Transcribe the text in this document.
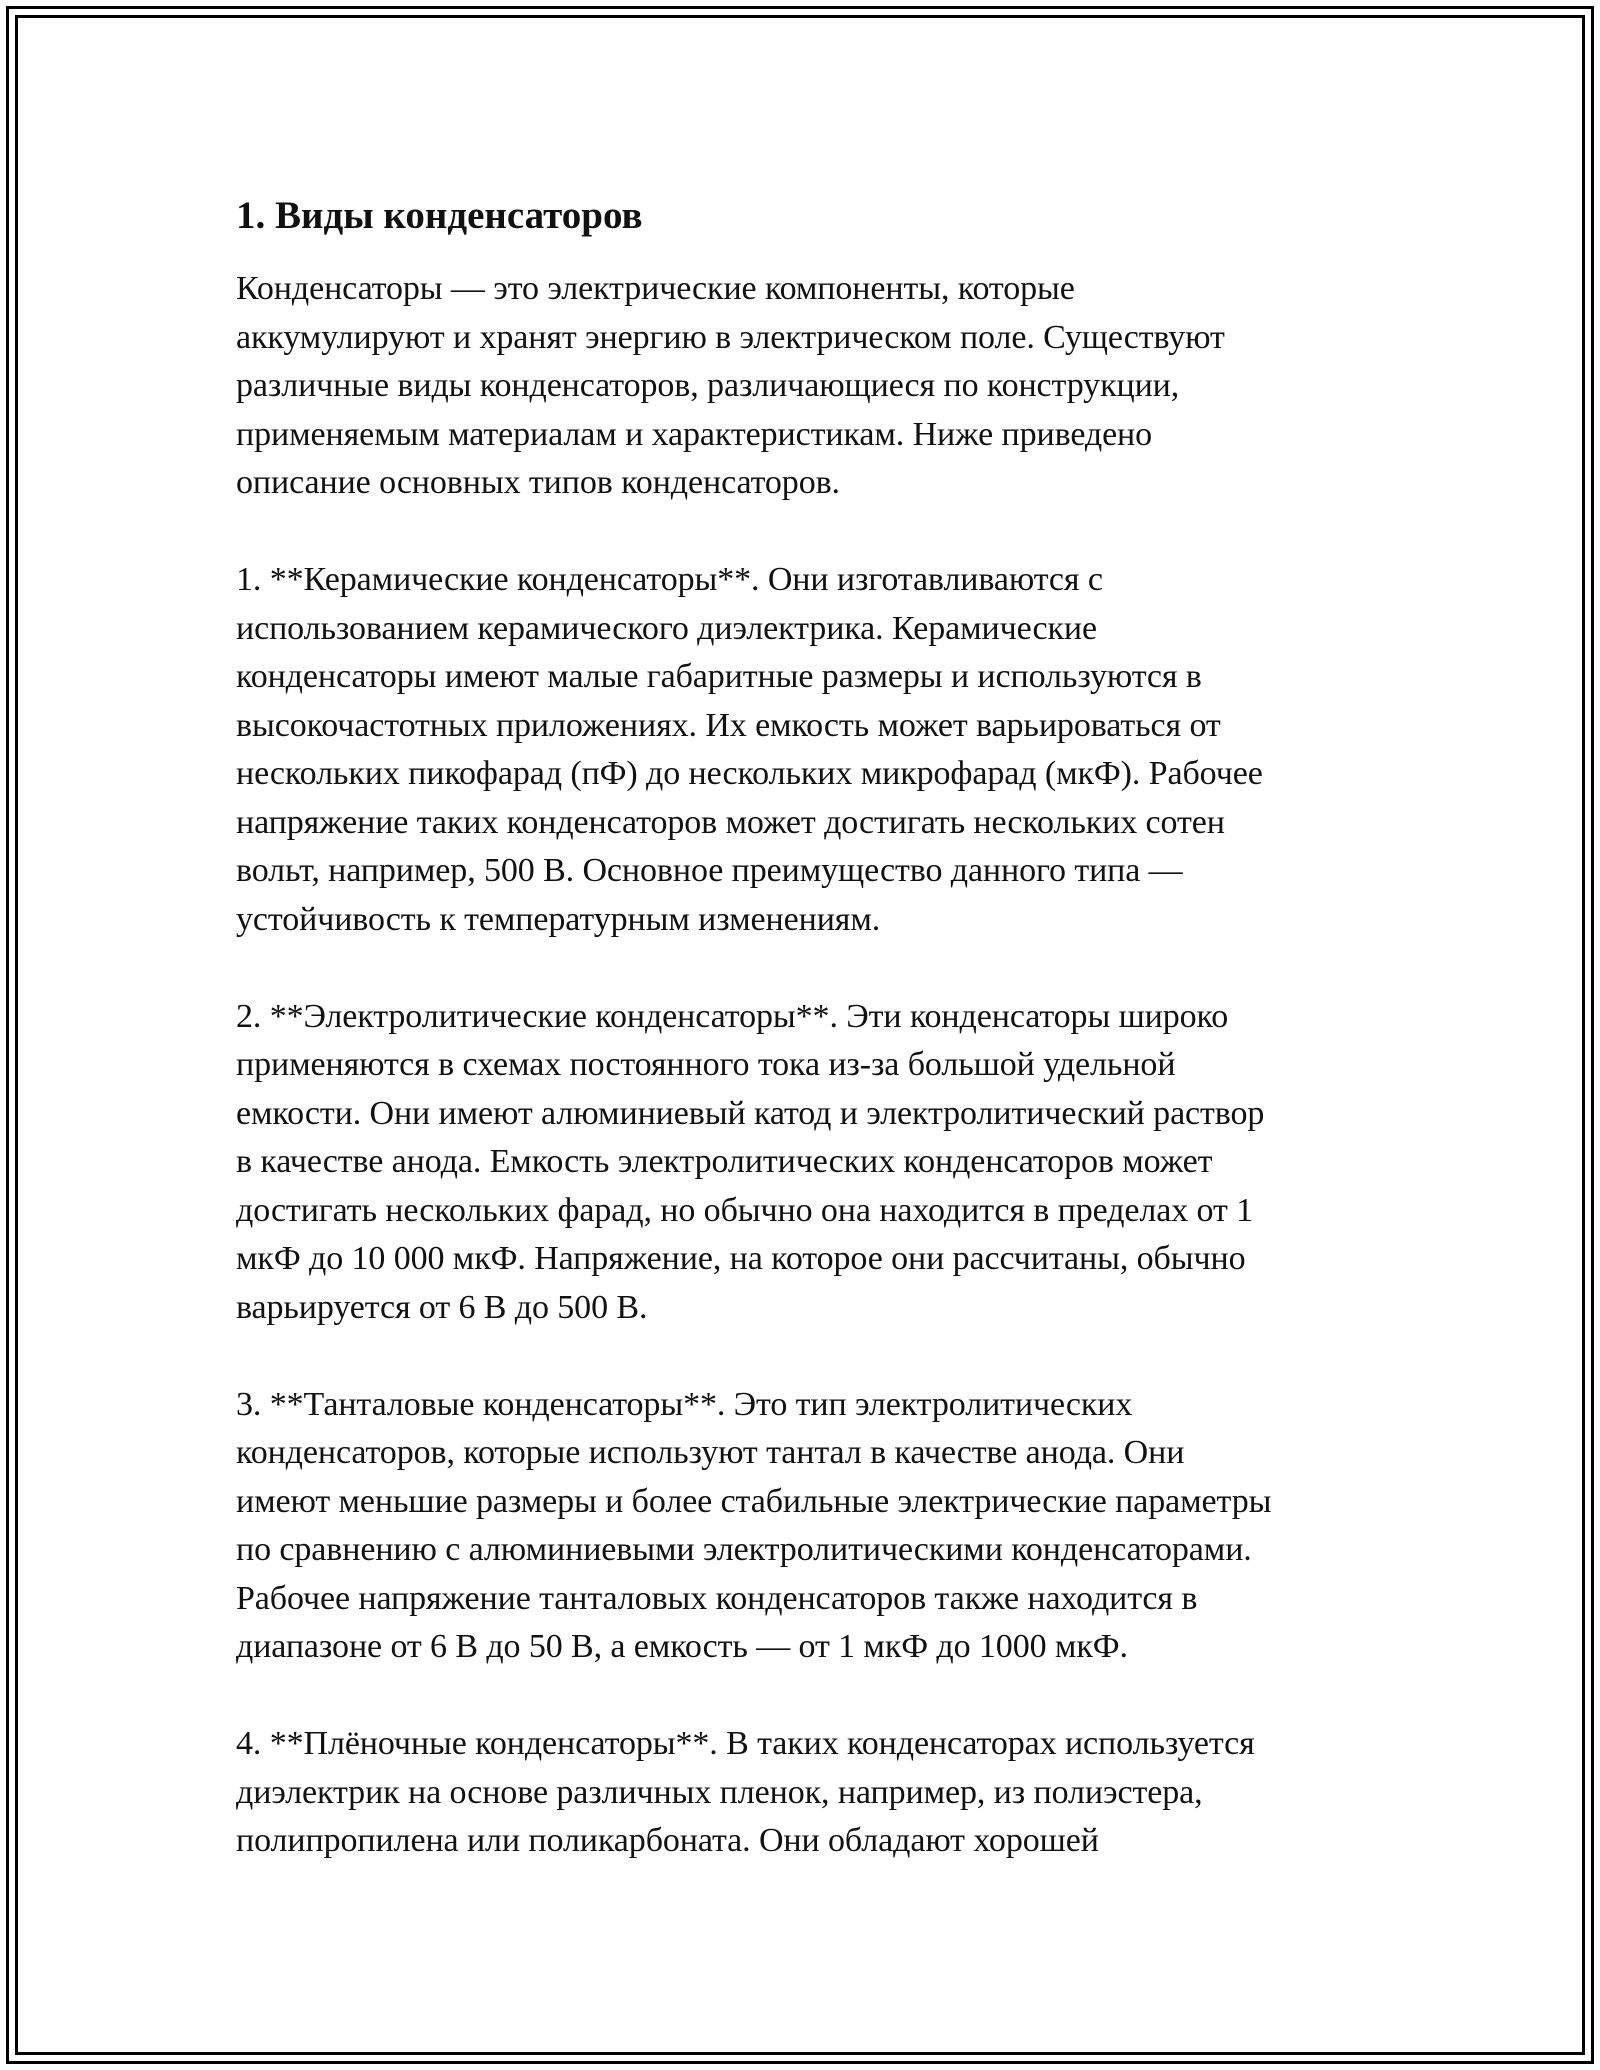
1. Виды конденсаторов

Конденсаторы — это электрические компоненты, которые
аккумулируют и хранят энергию в электрическом поле. Существуют
различные виды конденсаторов, различающиеся по конструкции,
применяемым материалам и характеристикам. Ниже приведено
описание основных типов конденсаторов.

1. **Керамические конденсаторы**. Они изготавливаются с
использованием керамического диэлектрика. Керамические
конденсаторы имеют малые габаритные размеры и используются в
высокочастотных приложениях. Их емкость может варьироваться от
нескольких пикофарад (пФ) до нескольких микрофарад (мкФ). Рабочее
напряжение таких конденсаторов может достигать нескольких сотен
вольт, например, 500 В. Основное преимущество данного типа —
устойчивость к температурным изменениям.

2. **Электролитические конденсаторы**. Эти конденсаторы широко
применяются в схемах постоянного тока из-за большой удельной
емкости. Они имеют алюминиевый катод и электролитический раствор
в качестве анода. Емкость электролитических конденсаторов может
достигать нескольких фарад, но обычно она находится в пределах от 1
мкФ до 10 000 мкФ. Напряжение, на которое они рассчитаны, обычно
варьируется от 6 В до 500 В.

3. **Танталовые конденсаторы**. Это тип электролитических
конденсаторов, которые используют тантал в качестве анода. Они
имеют меньшие размеры и более стабильные электрические параметры
по сравнению с алюминиевыми электролитическими конденсаторами.
Рабочее напряжение танталовых конденсаторов также находится в
диапазоне от 6 В до 50 В, а емкость — от 1 мкФ до 1000 мкФ.

4. **Плёночные конденсаторы**. В таких конденсаторах используется
диэлектрик на основе различных пленок, например, из полиэстера,
полипропилена или поликарбоната. Они обладают хорошей
